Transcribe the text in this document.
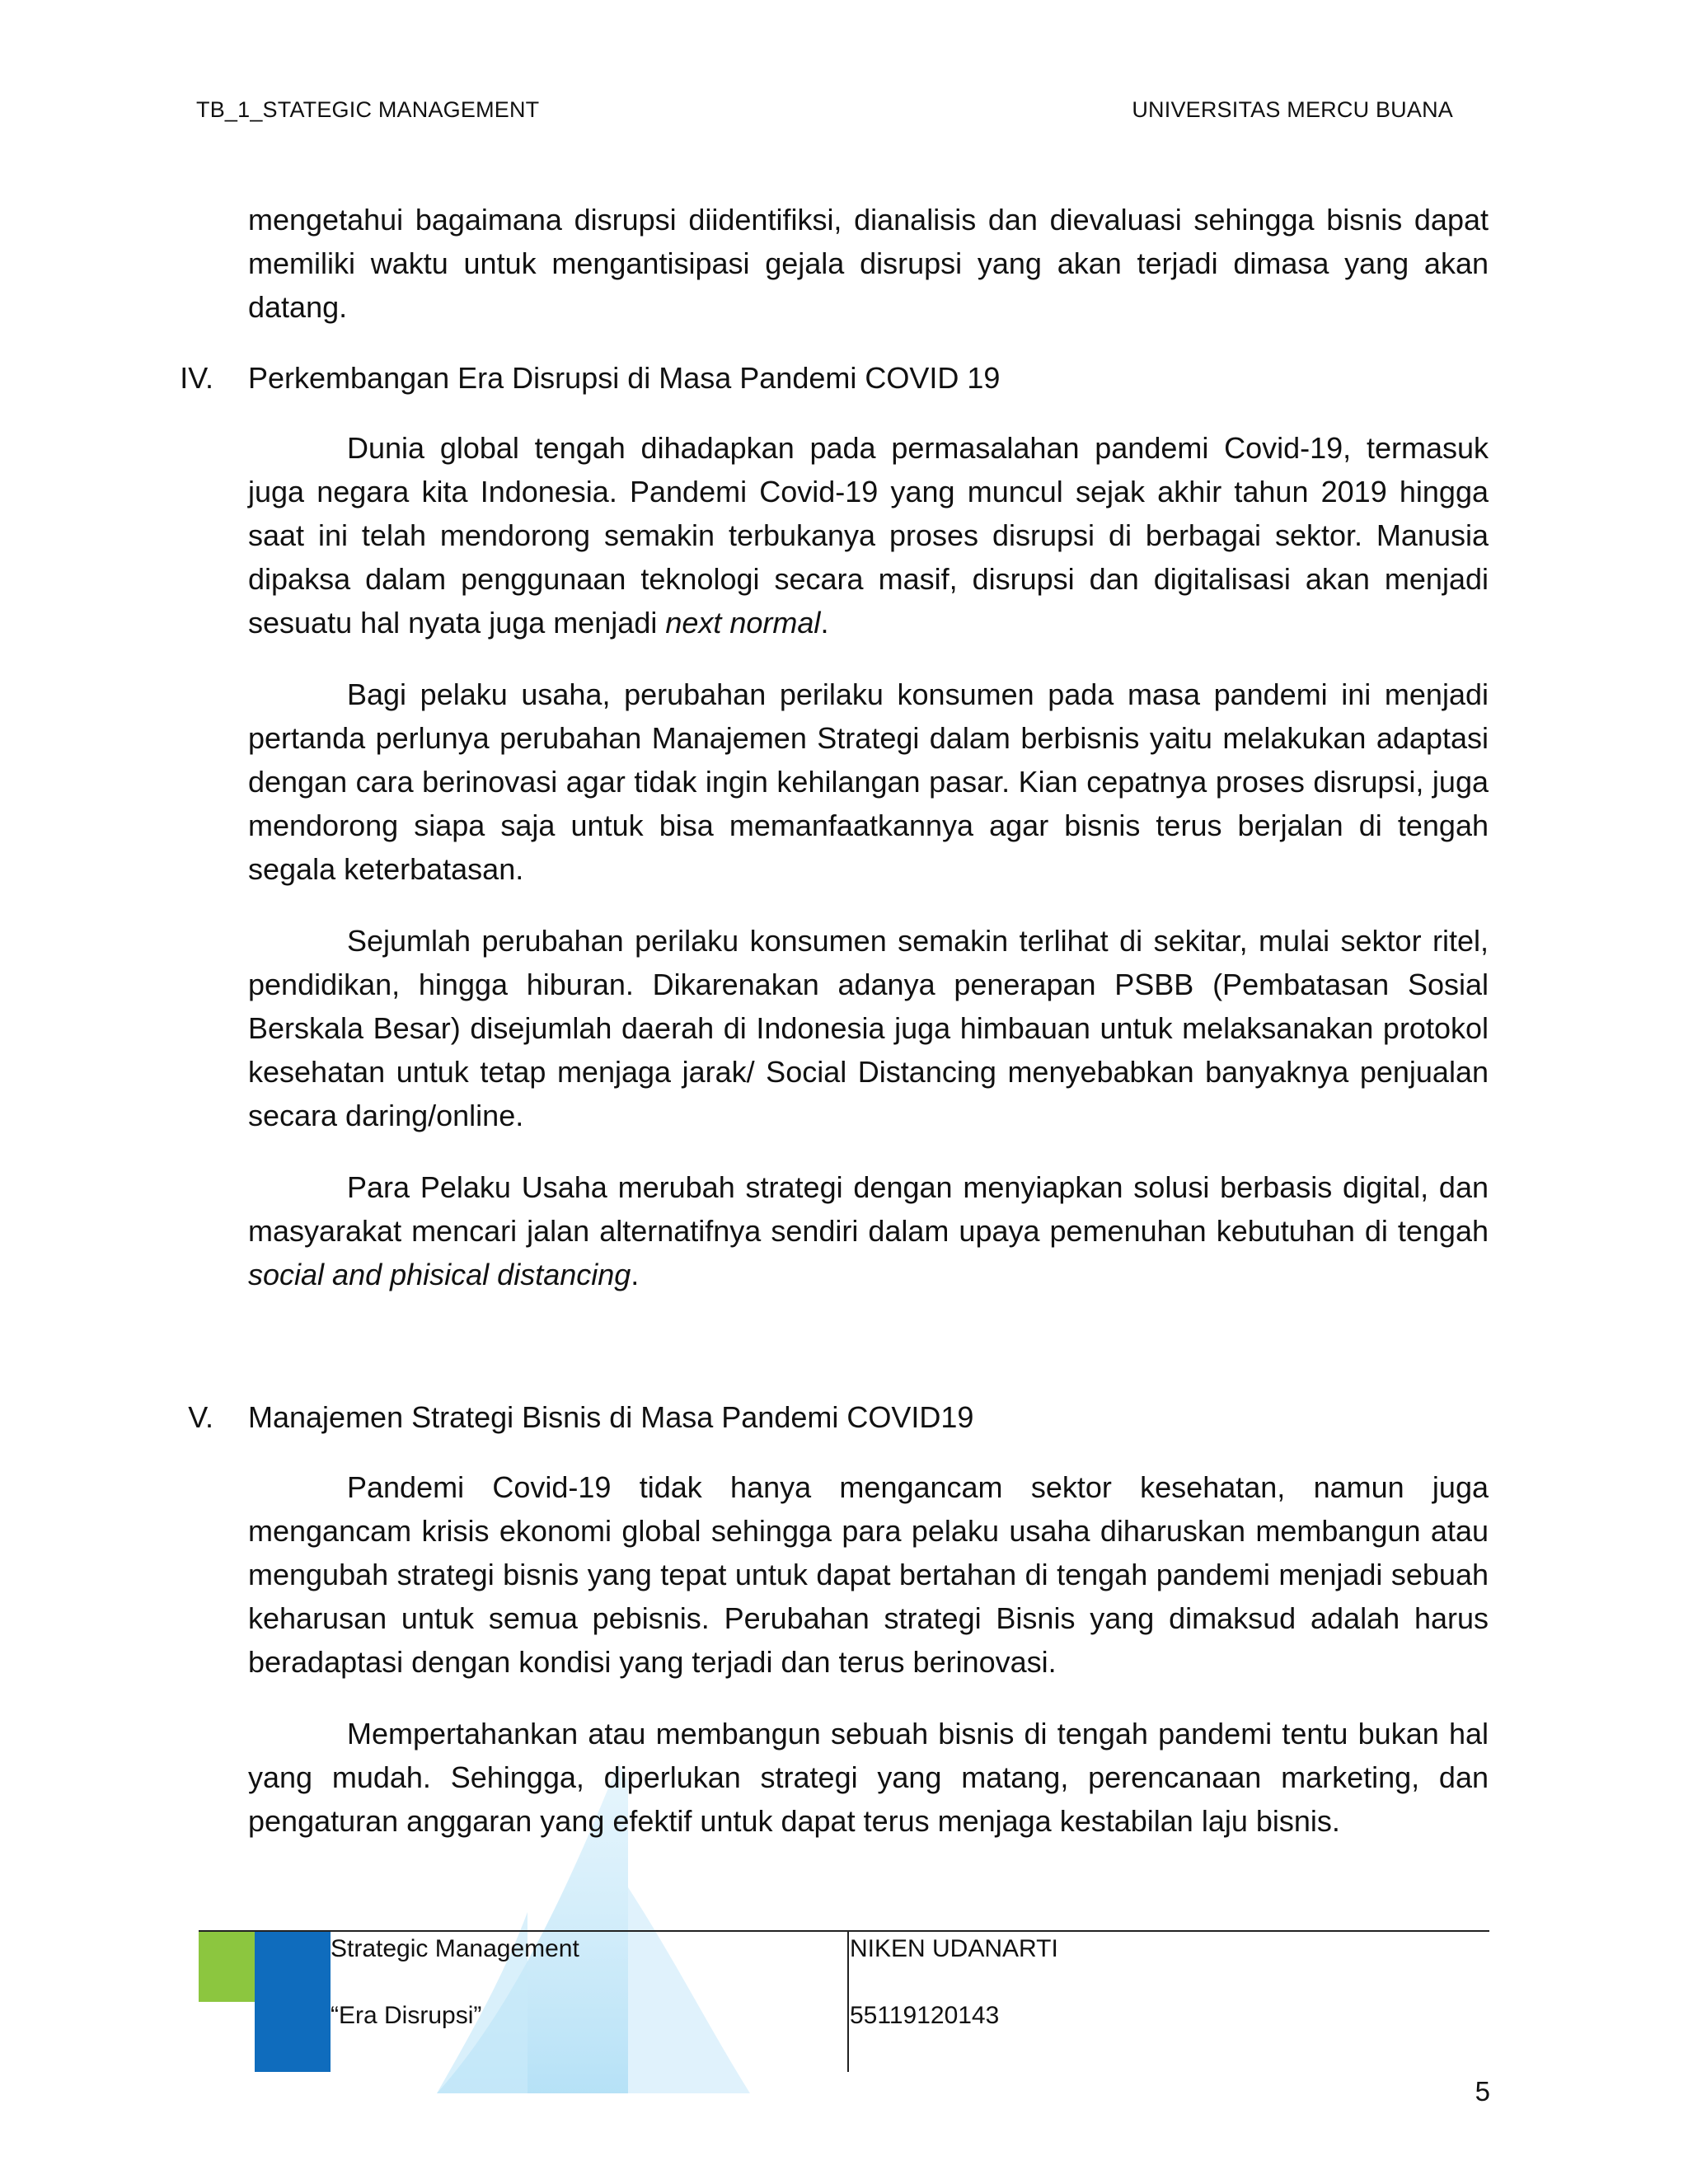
TB_1_STATEGIC MANAGEMENT	UNIVERSITAS MERCU BUANA

mengetahui bagaimana disrupsi diidentifiksi, dianalisis dan dievaluasi sehingga bisnis dapat memiliki waktu untuk mengantisipasi gejala disrupsi yang akan terjadi dimasa yang akan datang.

IV. Perkembangan Era Disrupsi di Masa Pandemi COVID 19

Dunia global tengah dihadapkan pada permasalahan pandemi Covid-19, termasuk juga negara kita Indonesia. Pandemi Covid-19 yang muncul sejak akhir tahun 2019 hingga saat ini telah mendorong semakin terbukanya proses disrupsi di berbagai sektor. Manusia dipaksa dalam penggunaan teknologi secara masif, disrupsi dan digitalisasi akan menjadi sesuatu hal nyata juga menjadi next normal.

Bagi pelaku usaha, perubahan perilaku konsumen pada masa pandemi ini menjadi pertanda perlunya perubahan Manajemen Strategi dalam berbisnis yaitu melakukan adaptasi dengan cara berinovasi agar tidak ingin kehilangan pasar. Kian cepatnya proses disrupsi, juga mendorong siapa saja untuk bisa memanfaatkannya agar bisnis terus berjalan di tengah segala keterbatasan.

Sejumlah perubahan perilaku konsumen semakin terlihat di sekitar, mulai sektor ritel, pendidikan, hingga hiburan. Dikarenakan adanya penerapan PSBB (Pembatasan Sosial Berskala Besar) disejumlah daerah di Indonesia juga himbauan untuk melaksanakan protokol kesehatan untuk tetap menjaga jarak/ Social Distancing menyebabkan banyaknya penjualan secara daring/online.

Para Pelaku Usaha merubah strategi dengan menyiapkan solusi berbasis digital, dan masyarakat mencari jalan alternatifnya sendiri dalam upaya pemenuhan kebutuhan di tengah social and phisical distancing.

V. Manajemen Strategi Bisnis di Masa Pandemi COVID19

Pandemi Covid-19 tidak hanya mengancam sektor kesehatan, namun juga mengancam krisis ekonomi global sehingga para pelaku usaha diharuskan membangun atau mengubah strategi bisnis yang tepat untuk dapat bertahan di tengah pandemi menjadi sebuah keharusan untuk semua pebisnis. Perubahan strategi Bisnis yang dimaksud adalah harus beradaptasi dengan kondisi yang terjadi dan terus berinovasi.

Mempertahankan atau membangun sebuah bisnis di tengah pandemi tentu bukan hal yang mudah. Sehingga, diperlukan strategi yang matang, perencanaan marketing, dan pengaturan anggaran yang efektif untuk dapat terus menjaga kestabilan laju bisnis.

Strategic Management
“Era Disrupsi”
NIKEN UDANARTI
55119120143
5
